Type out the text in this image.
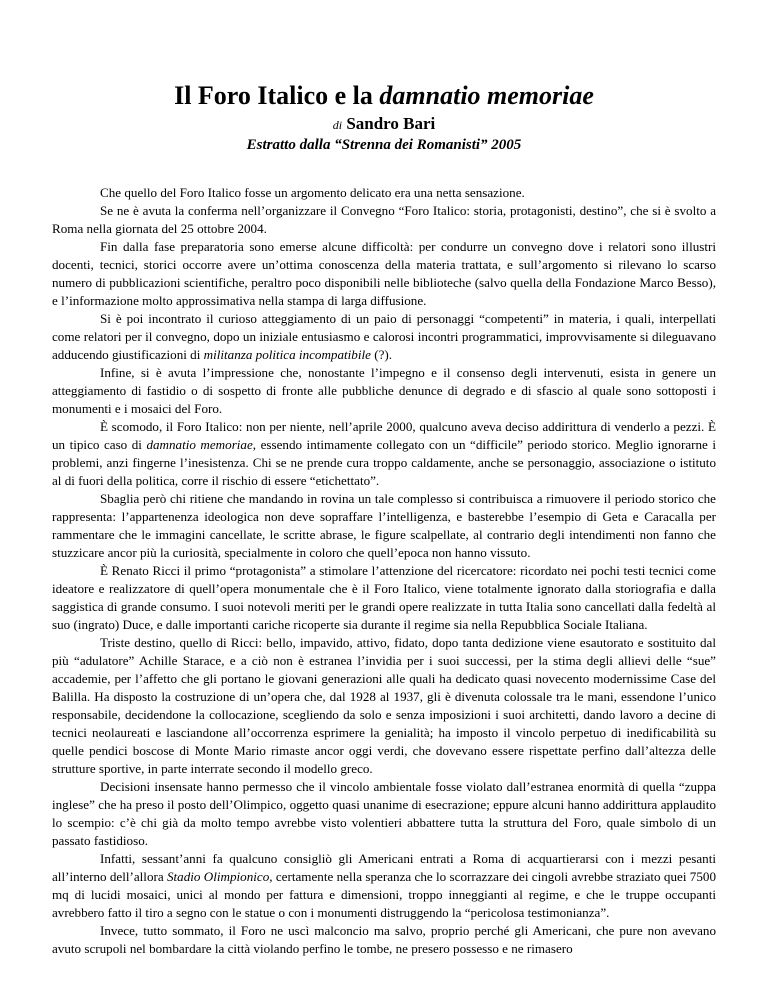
Il Foro Italico e la damnatio memoriae

di Sandro Bari

Estratto dalla “Strenna dei Romanisti” 2005

Che quello del Foro Italico fosse un argomento delicato era una netta sensazione.

Se ne è avuta la conferma nell’organizzare il Convegno “Foro Italico: storia, protagonisti, destino”, che si è svolto a Roma nella giornata del 25 ottobre 2004.

Fin dalla fase preparatoria sono emerse alcune difficoltà: per condurre un convegno dove i relatori sono illustri docenti, tecnici, storici occorre avere un’ottima conoscenza della materia trattata, e sull’argomento si rilevano lo scarso numero di pubblicazioni scientifiche, peraltro poco disponibili nelle biblioteche (salvo quella della Fondazione Marco Besso), e l’informazione molto approssimativa nella stampa di larga diffusione.

Si è poi incontrato il curioso atteggiamento di un paio di personaggi “competenti” in materia, i quali, interpellati come relatori per il convegno, dopo un iniziale entusiasmo e calorosi incontri programmatici, improvvisamente si dileguavano adducendo giustificazioni di militanza politica incompatibile (?).

Infine, si è avuta l’impressione che, nonostante l’impegno e il consenso degli intervenuti, esista in genere un atteggiamento di fastidio o di sospetto di fronte alle pubbliche denunce di degrado e di sfascio al quale sono sottoposti i monumenti e i mosaici del Foro.

È scomodo, il Foro Italico: non per niente, nell’aprile 2000, qualcuno aveva deciso addirittura di venderlo a pezzi. È un tipico caso di damnatio memoriae, essendo intimamente collegato con un “difficile” periodo storico. Meglio ignorarne i problemi, anzi fingerne l’inesistenza. Chi se ne prende cura troppo caldamente, anche se personaggio, associazione o istituto al di fuori della politica, corre il rischio di essere “etichettato”.

Sbaglia però chi ritiene che mandando in rovina un tale complesso si contribuisca a rimuovere il periodo storico che rappresenta: l’appartenenza ideologica non deve sopraffare l’intelligenza, e basterebbe l’esempio di Geta e Caracalla per rammentare che le immagini cancellate, le scritte abrase, le figure scalpellate, al contrario degli intendimenti non fanno che stuzzicare ancor più la curiosità, specialmente in coloro che quell’epoca non hanno vissuto.

È Renato Ricci il primo “protagonista” a stimolare l’attenzione del ricercatore: ricordato nei pochi testi tecnici come ideatore e realizzatore di quell’opera monumentale che è il Foro Italico, viene totalmente ignorato dalla storiografia e dalla saggistica di grande consumo. I suoi notevoli meriti per le grandi opere realizzate in tutta Italia sono cancellati dalla fedeltà al suo (ingrato) Duce, e dalle importanti cariche ricoperte sia durante il regime sia nella Repubblica Sociale Italiana.

Triste destino, quello di Ricci: bello, impavido, attivo, fidato, dopo tanta dedizione viene esautorato e sostituito dal più “adulatore” Achille Starace, e a ciò non è estranea l’invidia per i suoi successi, per la stima degli allievi delle “sue” accademie, per l’affetto che gli portano le giovani generazioni alle quali ha dedicato quasi novecento modernissime Case del Balilla. Ha disposto la costruzione di un’opera che, dal 1928 al 1937, gli è divenuta colossale tra le mani, essendone l’unico responsabile, decidendone la collocazione, scegliendo da solo e senza imposizioni i suoi architetti, dando lavoro a decine di tecnici neolaureati e lasciandone all’occorrenza esprimere la genialità; ha imposto il vincolo perpetuo di inedificabilità su quelle pendici boscose di Monte Mario rimaste ancor oggi verdi, che dovevano essere rispettate perfino dall’altezza delle strutture sportive, in parte interrate secondo il modello greco.

Decisioni insensate hanno permesso che il vincolo ambientale fosse violato dall’estranea enormità di quella “zuppa inglese” che ha preso il posto dell’Olimpico, oggetto quasi unanime di esecrazione; eppure alcuni hanno addirittura applaudito lo scempio: c’è chi già da molto tempo avrebbe visto volentieri abbattere tutta la struttura del Foro, quale simbolo di un passato fastidioso.

Infatti, sessant’anni fa qualcuno consigliò gli Americani entrati a Roma di acquartierarsi con i mezzi pesanti all’interno dell’allora Stadio Olimpionico, certamente nella speranza che lo scorrazzare dei cingoli avrebbe straziato quei 7500 mq di lucidi mosaici, unici al mondo per fattura e dimensioni, troppo inneggianti al regime, e che le truppe occupanti avrebbero fatto il tiro a segno con le statue o con i monumenti distruggendo la “pericolosa testimonianza”.

Invece, tutto sommato, il Foro ne uscì malconcio ma salvo, proprio perché gli Americani, che pure non avevano avuto scrupoli nel bombardare la città violando perfino le tombe, ne presero possesso e ne rimasero
